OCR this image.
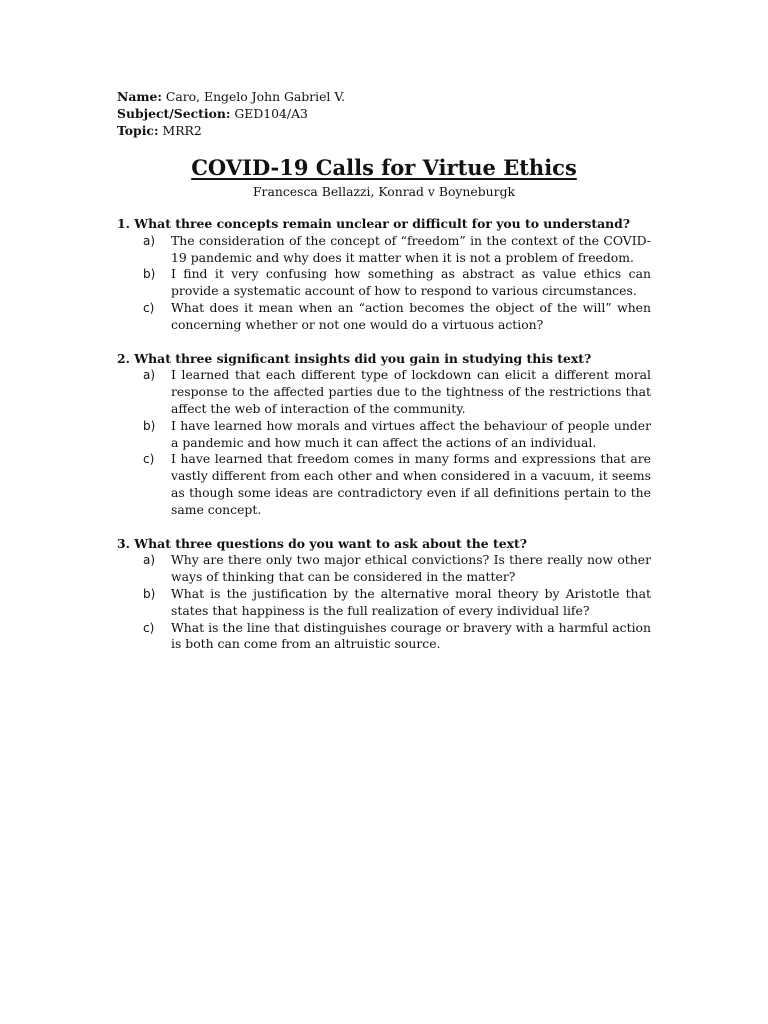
Name: Caro, Engelo John Gabriel V.
Subject/Section: GED104/A3
Topic: MRR2
COVID-19 Calls for Virtue Ethics
Francesca Bellazzi, Konrad v Boyneburgk

1. What three concepts remain unclear or difficult for you to understand?

a)	The consideration of the concept of “freedom” in the context of the COVID-19 pandemic and why does it matter when it is not a problem of freedom.
b)	I find it very confusing how something as abstract as value ethics can provide a systematic account of how to respond to various circumstances.
c)	What does it mean when an “action becomes the object of the will” when concerning whether or not one would do a virtuous action?

2. What three significant insights did you gain in studying this text?

a)	I learned that each different type of lockdown can elicit a different moral response to the affected parties due to the tightness of the restrictions that affect the web of interaction of the community.
b)	I have learned how morals and virtues affect the behaviour of people under a pandemic and how much it can affect the actions of an individual.
c)	I have learned that freedom comes in many forms and expressions that are vastly different from each other and when considered in a vacuum, it seems as though some ideas are contradictory even if all definitions pertain to the same concept.

3. What three questions do you want to ask about the text?

a)	Why are there only two major ethical convictions? Is there really now other ways of thinking that can be considered in the matter?
b)	What is the justification by the alternative moral theory by Aristotle that states that happiness is the full realization of every individual life?
c)	What is the line that distinguishes courage or bravery with a harmful action is both can come from an altruistic source.
